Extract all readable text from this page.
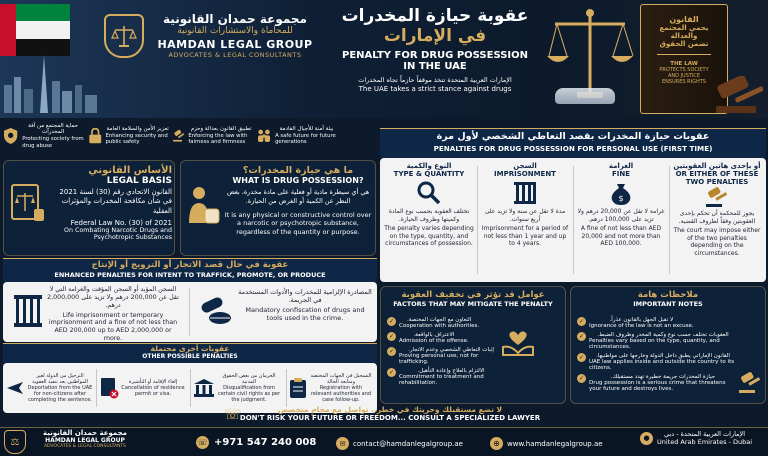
مجموعة حمدان القانونية
للمحاماة والاستشارات القانونية
HAMDAN LEGAL GROUP
ADVOCATES & LEGAL CONSULTANTS
عقوبة حيازة المخدرات
في الإمارات
PENALTY FOR DRUG POSSESSION
IN THE UAE
الإمارات العربية المتحدة تتخذ موقفاً حازماً تجاه المخدرات
The UAE takes a strict stance against drugs
القانون
يحمي المجتمع
والعدالة
تضمن الحقوق
THE LAW
PROTECTS SOCIETY
AND JUSTICE
ENSURES RIGHTS
حماية المجتمع من آفة المخدرات
Protecting society from drug abuse
تعزيز الأمن والسلامة العامة
Enhancing security and public safety
تطبيق القانون بعدالة وحزم
Enforcing the law with fairness and firmness
بيئة آمنة للأجيال القادمة
A safe future for future generations
الأساس القانوني
LEGAL BASIS
القانون الاتحادي رقم (30) لسنة 2021 في شأن مكافحة المخدرات والمؤثرات العقلية
Federal Law No. (30) of 2021
On Combating Narcotic Drugs and Psychotropic Substances
ما هي حيازة المخدرات؟
WHAT IS DRUG POSSESSION?
هي أي سيطرة مادية أو فعلية على مادة مخدرة، بغض النظر عن الكمية أو الغرض من الحيازة.
It is any physical or constructive control over a narcotic or psychotropic substance, regardless of the quantity or purpose.
عقوبات حيازة المخدرات بقصد التعاطي الشخصي لأول مرة
PENALTIES FOR DRUG POSSESSION FOR PERSONAL USE (FIRST TIME)
النوع والكمية
TYPE & QUANTITY
تختلف العقوبة بحسب نوع المادة وكميتها وظروف الحيازة.
The penalty varies depending on the type, quantity, and circumstances of possession.
السجن
IMPRISONMENT
مدة لا تقل عن سنة ولا تزيد على أربع سنوات.
Imprisonment for a period of not less than 1 year and up to 4 years.
الغرامة
FINE
$
غرامة لا تقل عن 20,000 درهم ولا تزيد على 100,000 درهم.
A fine of not less than AED 20,000 and not more than AED 100,000.
أو بإحدى هاتين العقوبتين
OR EITHER OF THESE TWO PENALTIES
يجوز للمحكمة أن تحكم بإحدى العقوبتين وفقاً لظروف القضية.
The court may impose either of the two penalties depending on the circumstances.
عقوبة في حال قصد الاتجار أو الترويج أو الإنتاج
ENHANCED PENALTIES FOR INTENT TO TRAFFICK, PROMOTE, OR PRODUCE
السجن المؤبد أو السجن المؤقت والغرامة التي لا تقل عن 200,000 درهم ولا تزيد على 2,000,000 درهم.
Life imprisonment or temporary imprisonment and a fine of not less than AED 200,000 up to AED 2,000,000 or more.
المصادرة الإلزامية للمخدرات والأدوات المستخدمة في الجريمة.
Mandatory confiscation of drugs and tools used in the crime.
عقوبات أخرى محتملة
OTHER POSSIBLE PENALTIES
الترحيل من الدولة لغير المواطنين بعد تنفيذ العقوبة
Deportation from the UAE for non-citizens after completing the sentence.
إلغاء الإقامة أو التأشيرة
Cancellation of residence permit or visa.
الحرمان من بعض الحقوق المدنية
Disqualification from certain civil rights as per the judgment.
التسجيل في الجهات المختصة ومتابعة الحالة
Registration with relevant authorities and case follow-up.
عوامل قد تؤثر في تخفيف العقوبة
FACTORS THAT MAY MITIGATE THE PENALTY
✓	التعاون مع الجهات المختصة.
Cooperation with authorities.
✓	الاعتراف بالواقعة.
Admission of the offense.
✓	إثبات التعاطي الشخصي وعدم الاتجار.
Proving personal use, not for trafficking.
✓	الالتزام بالعلاج وإعادة التأهيل.
Commitment to treatment and rehabilitation.
ملاحظات هامة
IMPORTANT NOTES
✓	لا تقبل الجهل بالقانون عذراً.
Ignorance of the law is not an excuse.
✓	العقوبات تختلف حسب نوع وكمية المخدر وظروف الضبط.
Penalties vary based on the type, quantity, and circumstances.
✓	القانون الإماراتي يطبق داخل الدولة وخارجها على مواطنيها.
UAE law applies inside and outside the country to its citizens.
✓	حيازة المخدرات جريمة خطيرة تهدد مستقبلك.
Drug possession is a serious crime that threatens your future and destroys lives.
☏	لا تضع مستقبلك وحريتك في خطر.. تواصل مع محامٍ متخصص
DON'T RISK YOUR FUTURE OR FREEDOM... CONSULT A SPECIALIZED LAWYER
⚖
مجموعة حمدان القانونية
HAMDAN LEGAL GROUP
ADVOCATES & LEGAL CONSULTANTS	☏ +971 547 240 008	✉	contact@hamdanlegalgroup.ae	⊕	www.hamdanlegalgroup.ae
●	الإمارات العربية المتحدة - دبي
United Arab Emirates - Dubai
